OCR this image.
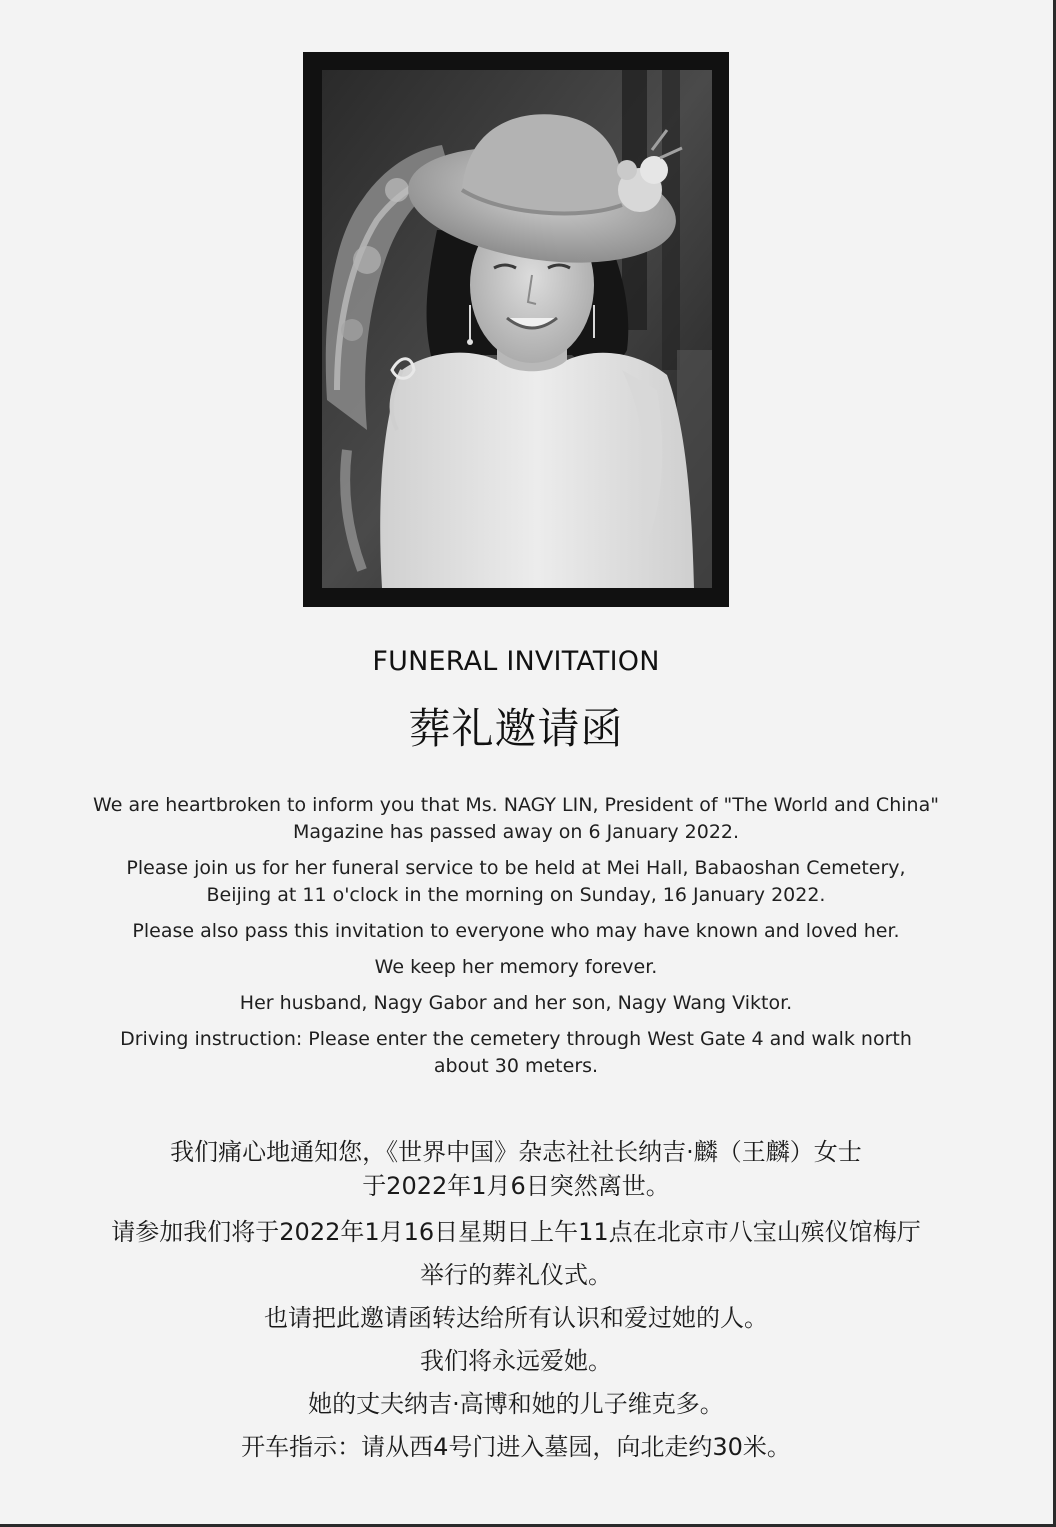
FUNERAL INVITATION
葬礼邀请函

We are heartbroken to inform you that Ms. NAGY LIN, President of "The World and China"
Magazine has passed away on 6 January 2022.

Please join us for her funeral service to be held at Mei Hall, Babaoshan Cemetery,
Beijing at 11 o'clock in the morning on Sunday, 16 January 2022.

Please also pass this invitation to everyone who may have known and loved her.

We keep her memory forever.

Her husband, Nagy Gabor and her son, Nagy Wang Viktor.

Driving instruction: Please enter the cemetery through West Gate 4 and walk north
about 30 meters.

我们痛心地通知您，《世界中国》杂志社社长纳吉·麟（王麟）女士

于2022年1月6日突然离世。

请参加我们将于2022年1月16日星期日上午11点在北京市八宝山殡仪馆梅厅

举行的葬礼仪式。

也请把此邀请函转达给所有认识和爱过她的人。

我们将永远爱她。

她的丈夫纳吉·高博和她的儿子维克多。

开车指示：请从西4号门进入墓园，向北走约30米。
